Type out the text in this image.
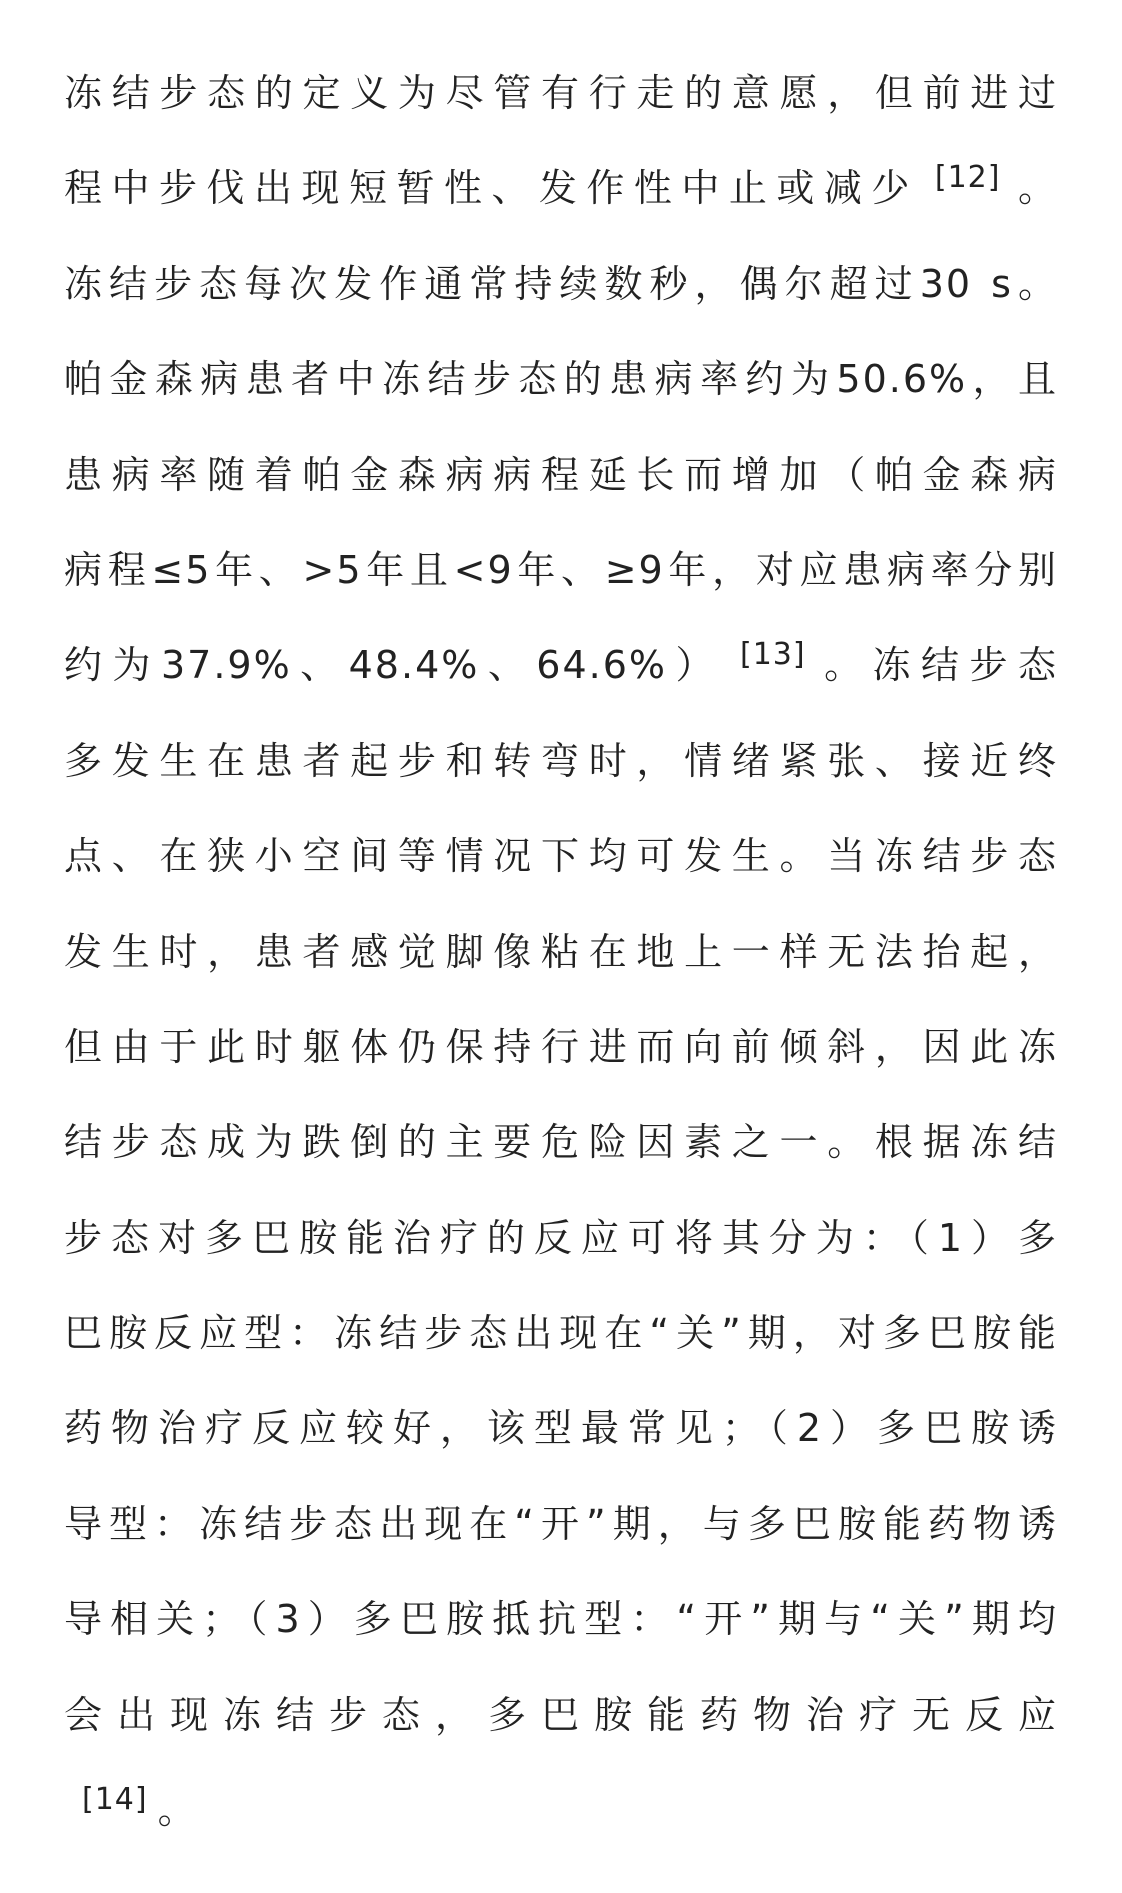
冻结步态的定义为尽管有行走的意愿，但前进过
程中步伐出现短暂性、发作性中止或减少 [12] 。
冻结步态每次发作通常持续数秒，偶尔超过30 s。
帕金森病患者中冻结步态的患病率约为50.6%，且
患病率随着帕金森病病程延长而增加（帕金森病
病程≤5年、>5年且<9年、≥9年，对应患病率分别
约为37.9%、48.4%、64.6%） [13] 。冻结步态
多发生在患者起步和转弯时，情绪紧张、接近终
点、在狭小空间等情况下均可发生。当冻结步态
发生时，患者感觉脚像粘在地上一样无法抬起，
但由于此时躯体仍保持行进而向前倾斜，因此冻
结步态成为跌倒的主要危险因素之一。根据冻结
步态对多巴胺能治疗的反应可将其分为：（1）多
巴胺反应型：冻结步态出现在“关”期，对多巴胺能
药物治疗反应较好，该型最常见；（2）多巴胺诱
导型：冻结步态出现在“开”期，与多巴胺能药物诱
导相关；（3）多巴胺抵抗型：“开”期与“关”期均
会出现冻结步态，多巴胺能药物治疗无反应
[14] 。
